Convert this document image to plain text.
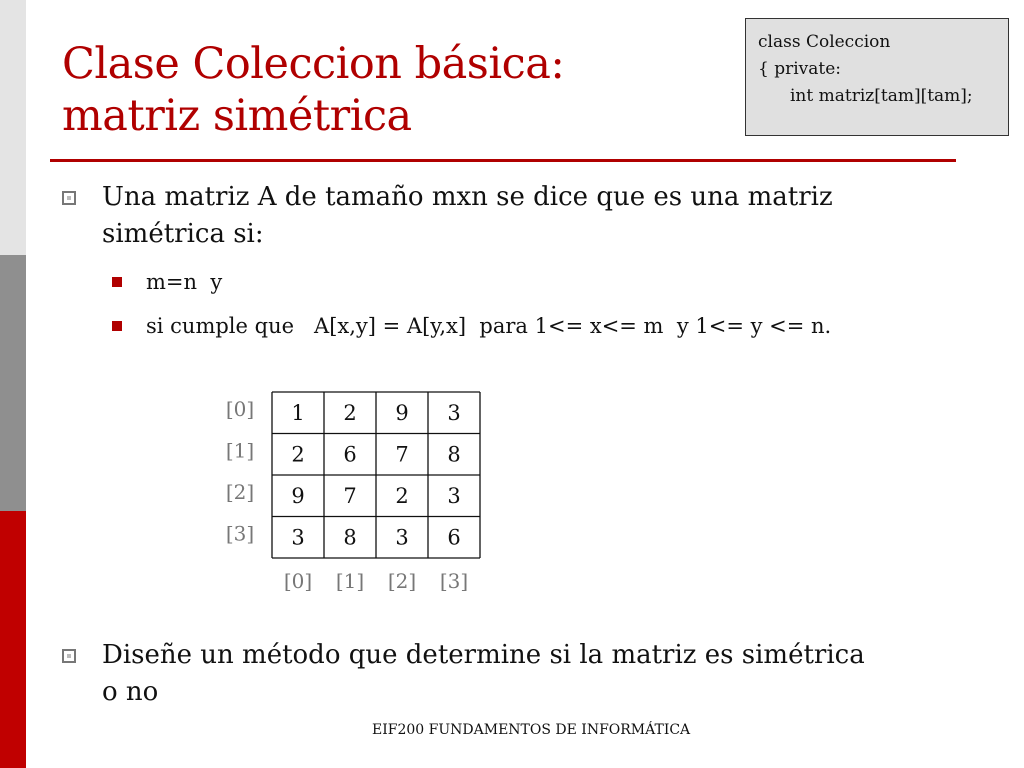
Clase Coleccion básica:
matriz simétrica
class Coleccion
{ private:
int matriz[tam][tam];
Una matriz A de tamaño mxn se dice que es una matriz
simétrica si:
m=n  y
si cumple que   A[x,y] = A[y,x]  para 1<= x<= m  y 1<= y <= n.
1 2 9 3
2 6 7 8
9 7 2 3
3 8 3 6
[0]
[1]
[2]
[3]
[0] [1] [2] [3]
Diseñe un método que determine si la matriz es simétrica
o no
EIF200 FUNDAMENTOS DE INFORMÁTICA
